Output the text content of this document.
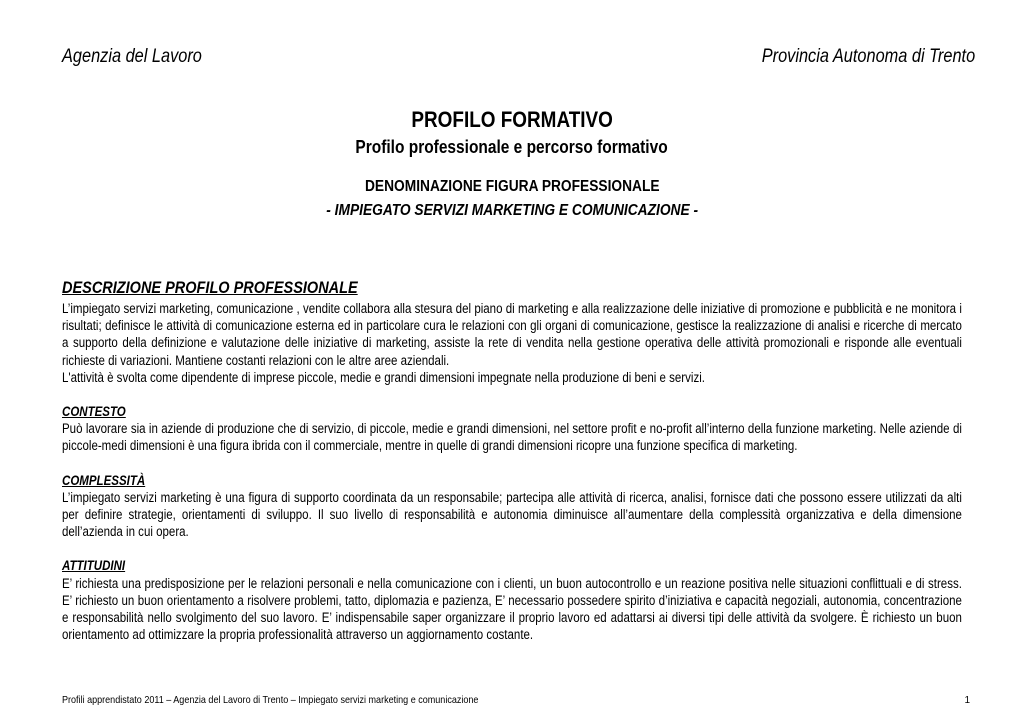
Agenzia del Lavoro	Provincia Autonoma di Trento
PROFILO FORMATIVO
Profilo professionale e percorso formativo
DENOMINAZIONE FIGURA PROFESSIONALE
- IMPIEGATO SERVIZI MARKETING E COMUNICAZIONE -
DESCRIZIONE PROFILO PROFESSIONALE

L’impiegato servizi marketing, comunicazione , vendite collabora alla stesura del piano di marketing e alla realizzazione delle iniziative di promozione e pubblicità e ne monitora i risultati; definisce le attività di comunicazione esterna ed in particolare cura le relazioni con gli organi di comunicazione, gestisce la realizzazione di analisi e ricerche di mercato a supporto della definizione e valutazione delle iniziative di marketing, assiste la rete di vendita nella gestione operativa delle attività promozionali e risponde alle eventuali richieste di variazioni. Mantiene costanti relazioni con le altre aree aziendali.

L'attività è svolta come dipendente di imprese piccole, medie e grandi dimensioni impegnate nella produzione di beni e servizi.

CONTESTO

Può lavorare sia in aziende di produzione che di servizio, di piccole, medie e grandi dimensioni, nel settore profit e no-profit all’interno della funzione marketing. Nelle aziende di piccole-medi dimensioni è una figura ibrida con il commerciale, mentre in quelle di grandi dimensioni ricopre una funzione specifica di marketing.

COMPLESSITÀ

L’impiegato servizi marketing è una figura di supporto coordinata da un responsabile; partecipa alle attività di ricerca, analisi, fornisce dati che possono essere utilizzati da alti per definire strategie, orientamenti di sviluppo. Il suo livello di responsabilità e autonomia diminuisce all’aumentare della complessità organizzativa e della dimensione dell’azienda in cui opera.

ATTITUDINI

E’ richiesta una predisposizione per le relazioni personali e nella comunicazione con i clienti, un buon autocontrollo e un reazione positiva nelle situazioni conflittuali e di stress. E’ richiesto un buon orientamento a risolvere problemi, tatto, diplomazia e pazienza, E’ necessario possedere spirito d’iniziativa e capacità negoziali, autonomia, concentrazione e responsabilità nello svolgimento del suo lavoro. E’ indispensabile saper organizzare il proprio lavoro ed adattarsi ai diversi tipi delle attività da svolgere. È richiesto un buon orientamento ad ottimizzare la propria professionalità attraverso un aggiornamento costante.

Profili apprendistato 2011 – Agenzia del Lavoro di Trento – Impiegato servizi marketing e comunicazione	1
